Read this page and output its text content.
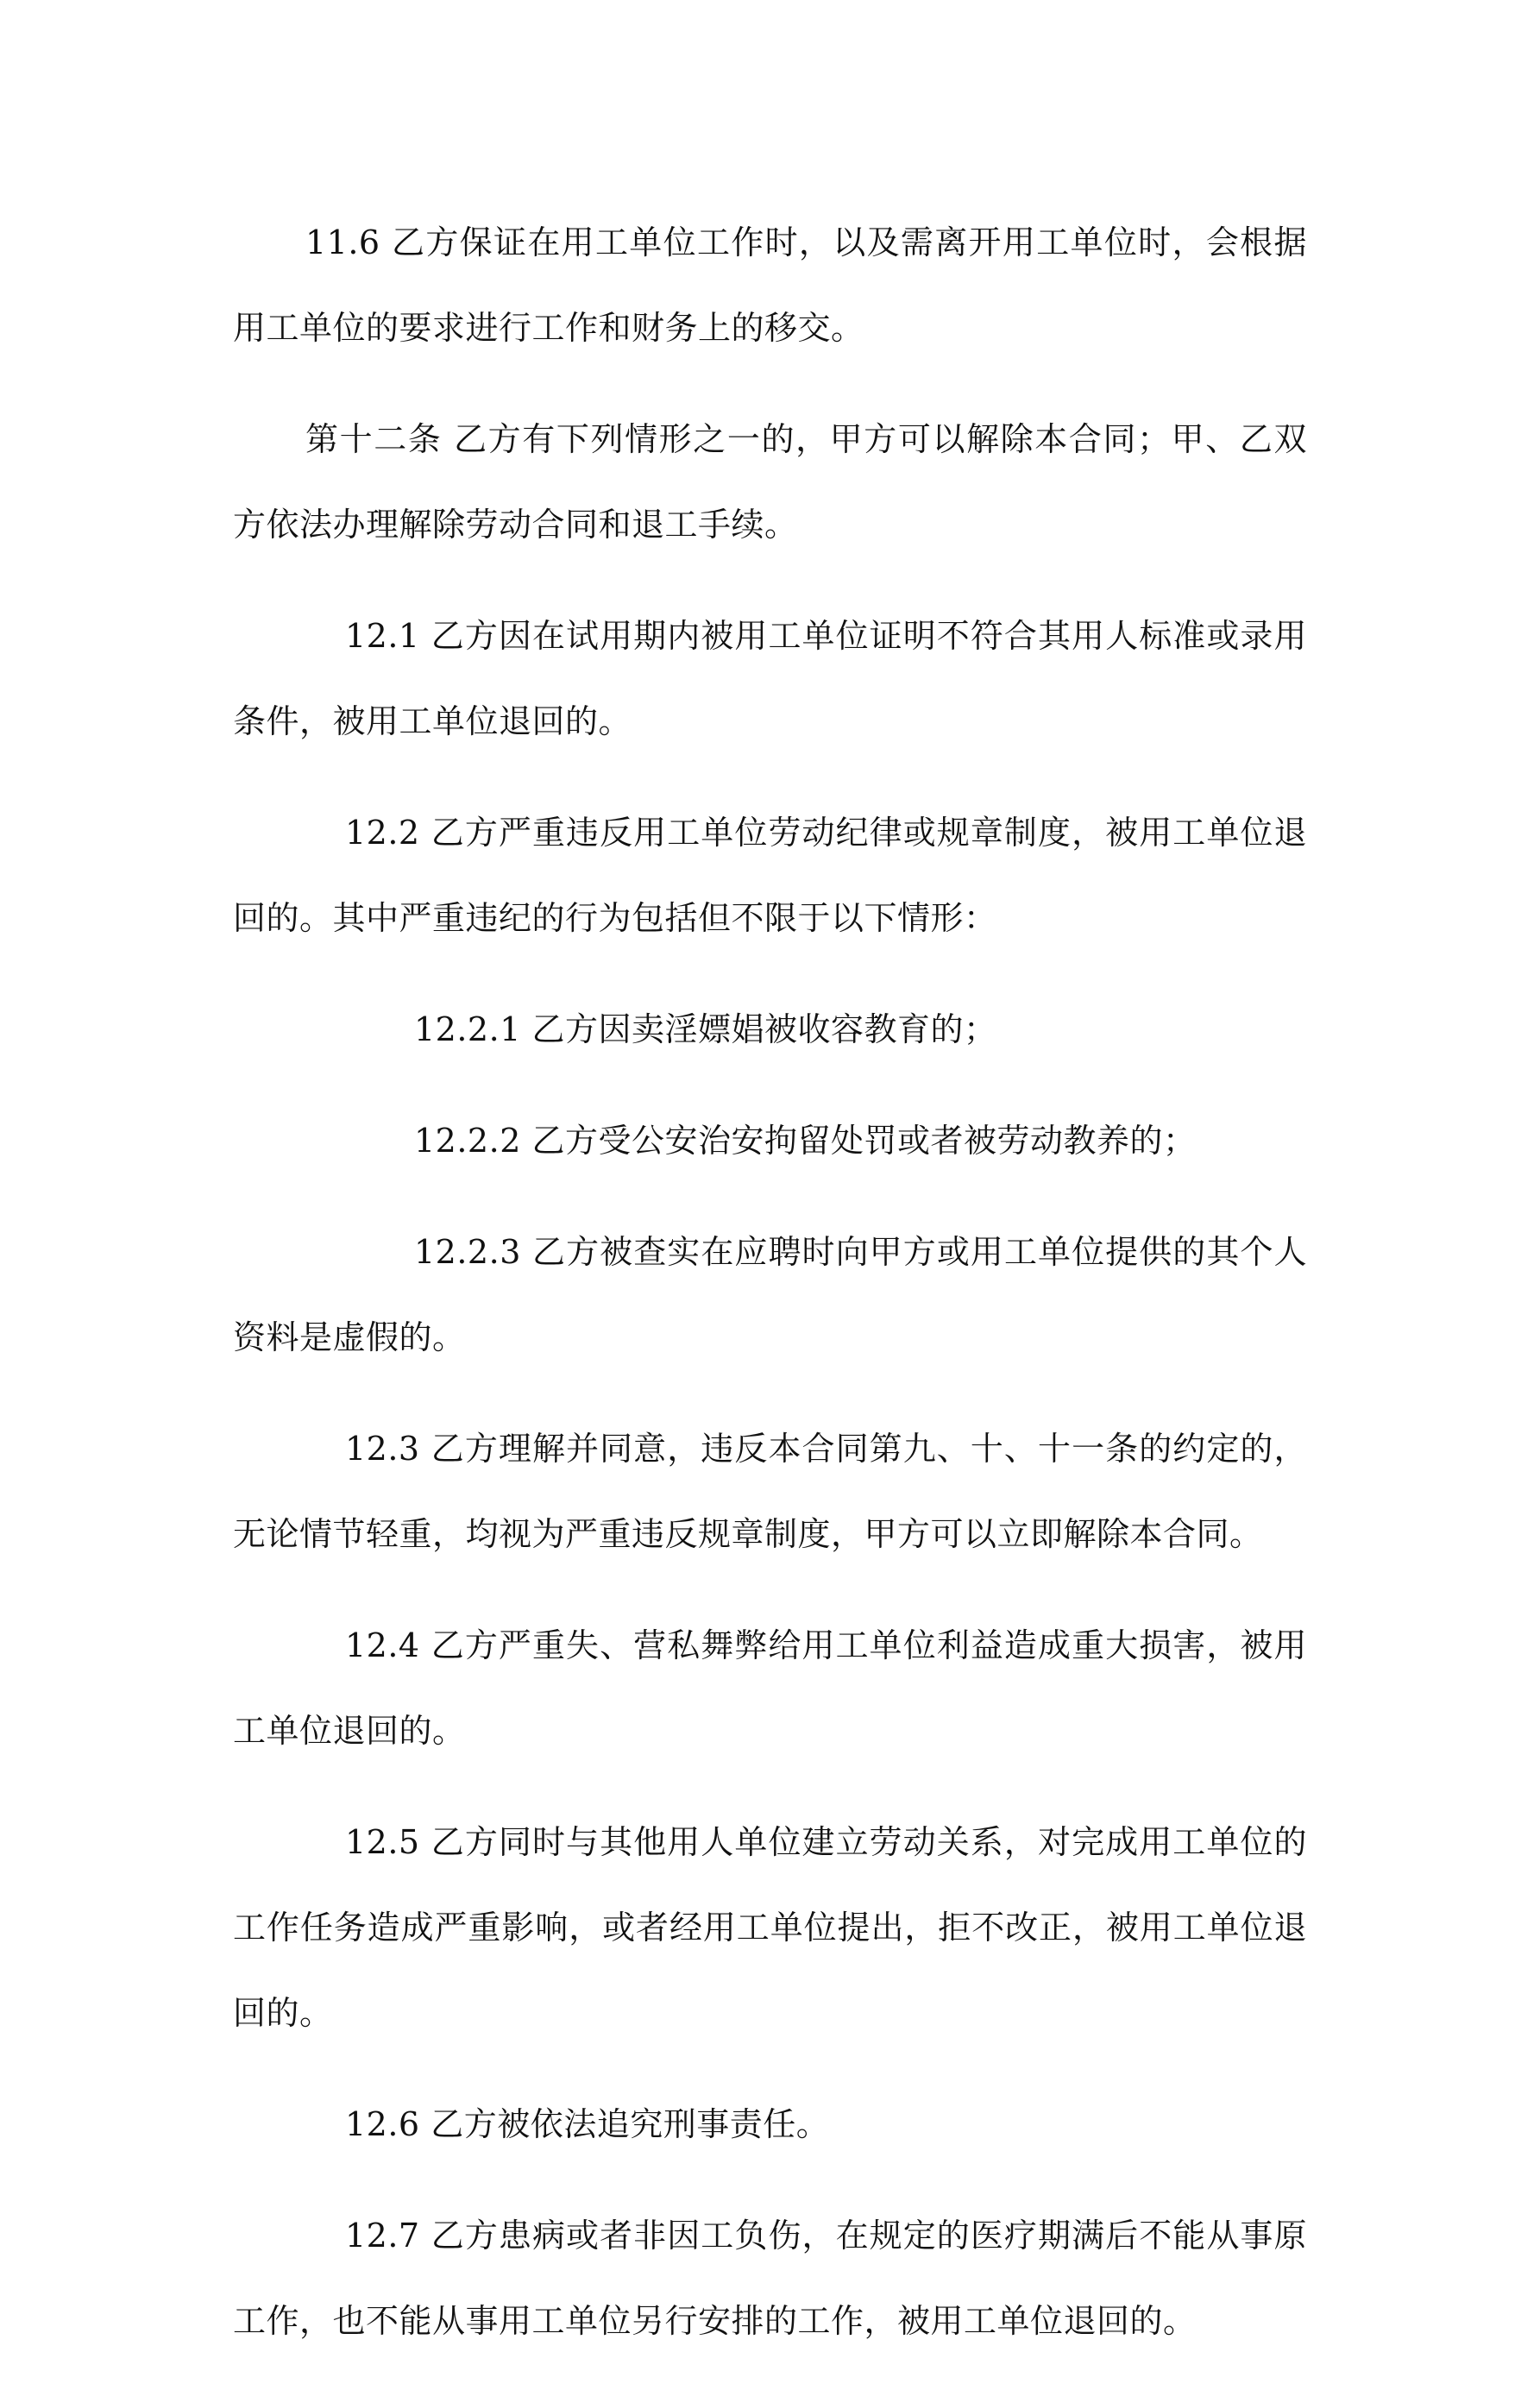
11.6 乙方保证在用工单位工作时，以及需离开用工单位时，会根据用工单位的要求进行工作和财务上的移交。

第十二条 乙方有下列情形之一的，甲方可以解除本合同；甲、乙双方依法办理解除劳动合同和退工手续。

12.1 乙方因在试用期内被用工单位证明不符合其用人标准或录用条件，被用工单位退回的。

12.2 乙方严重违反用工单位劳动纪律或规章制度，被用工单位退回的。其中严重违纪的行为包括但不限于以下情形：

12.2.1 乙方因卖淫嫖娼被收容教育的；

12.2.2 乙方受公安治安拘留处罚或者被劳动教养的；

12.2.3 乙方被查实在应聘时向甲方或用工单位提供的其个人资料是虚假的。

12.3 乙方理解并同意，违反本合同第九、十、十一条的约定的，无论情节轻重，均视为严重违反规章制度，甲方可以立即解除本合同。

12.4 乙方严重失、营私舞弊给用工单位利益造成重大损害，被用工单位退回的。

12.5 乙方同时与其他用人单位建立劳动关系，对完成用工单位的工作任务造成严重影响，或者经用工单位提出，拒不改正，被用工单位退回的。

12.6 乙方被依法追究刑事责任。

12.7 乙方患病或者非因工负伤，在规定的医疗期满后不能从事原工作，也不能从事用工单位另行安排的工作，被用工单位退回的。
